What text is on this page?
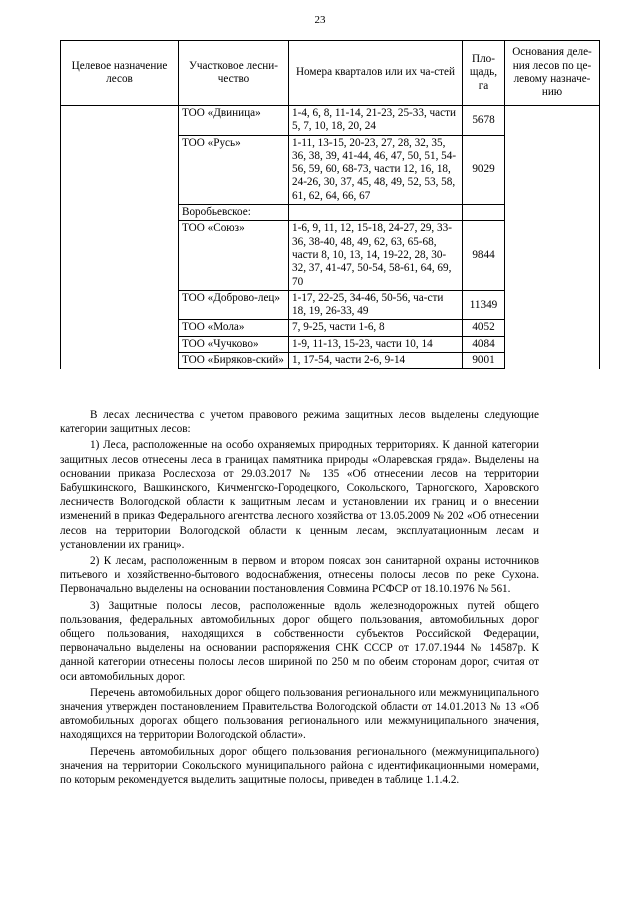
23
Целевое назначение лесов	Участковое лесни-чество	Номера кварталов или их ча-стей	Пло-щадь, га	Основания деле-ния лесов по це-левому назначе-нию
	ТОО «Двиница»	1-4, 6, 8, 11-14, 21-23, 25-33, части 5, 7, 10, 18, 20, 24	5678	
	ТОО «Русь»	1-11, 13-15, 20-23, 27, 28, 32, 35, 36, 38, 39, 41-44, 46, 47, 50, 51, 54-56, 59, 60, 68-73, части 12, 16, 18, 24-26, 30, 37, 45, 48, 49, 52, 53, 58, 61, 62, 64, 66, 67	9029	
	Воробьевское:			
	ТОО «Союз»	1-6, 9, 11, 12, 15-18, 24-27, 29, 33-36, 38-40, 48, 49, 62, 63, 65-68, части 8, 10, 13, 14, 19-22, 28, 30-32, 37, 41-47, 50-54, 58-61, 64, 69, 70	9844	
	ТОО «Доброво-лец»	1-17, 22-25, 34-46, 50-56, ча-сти 18, 19, 26-33, 49	11349	
	ТОО «Мола»	7, 9-25, части 1-6, 8	4052	
	ТОО «Чучково»	1-9, 11-13, 15-23, части 10, 14	4084	
	ТОО «Биряков-ский»	1, 17-54, части 2-6, 9-14	9001	

В лесах лесничества с учетом правового режима защитных лесов выделены следующие категории защитных лесов:

1) Леса, расположенные на особо охраняемых природных территориях. К данной категории защитных лесов отнесены леса в границах памятника природы «Оларевская гряда». Выделены на основании приказа Рослесхоза от 29.03.2017 № 135 «Об отнесении лесов на территории Бабушкинского, Вашкинского, Кичменгско-Городецкого, Сокольского, Тарногского, Харовского лесничеств Вологодской области к защитным лесам и установлении их границ и о внесении изменений в приказ Федерального агентства лесного хозяйства от 13.05.2009 № 202 «Об отнесении лесов на территории Вологодской области к ценным лесам, эксплуатационным лесам и установлении их границ».

2) К лесам, расположенным в первом и втором поясах зон санитарной охраны источников питьевого и хозяйственно-бытового водоснабжения, отнесены полосы лесов по реке Сухона. Первоначально выделены на основании постановления Совмина РСФСР от 18.10.1976 № 561.

3) Защитные полосы лесов, расположенные вдоль железнодорожных путей общего пользования, федеральных автомобильных дорог общего пользования, автомобильных дорог общего пользования, находящихся в собственности субъектов Российской Федерации, первоначально выделены на основании распоряжения СНК СССР от 17.07.1944 № 14587р. К данной категории отнесены полосы лесов шириной по 250 м по обеим сторонам дорог, считая от оси автомобильных дорог.

Перечень автомобильных дорог общего пользования регионального или межмуниципального значения утвержден постановлением Правительства Вологодской области от 14.01.2013 № 13 «Об автомобильных дорогах общего пользования регионального или межмуниципального значения, находящихся на территории Вологодской области».

Перечень автомобильных дорог общего пользования регионального (межмуниципального) значения на территории Сокольского муниципального района с идентификационными номерами, по которым рекомендуется выделить защитные полосы, приведен в таблице 1.1.4.2.
